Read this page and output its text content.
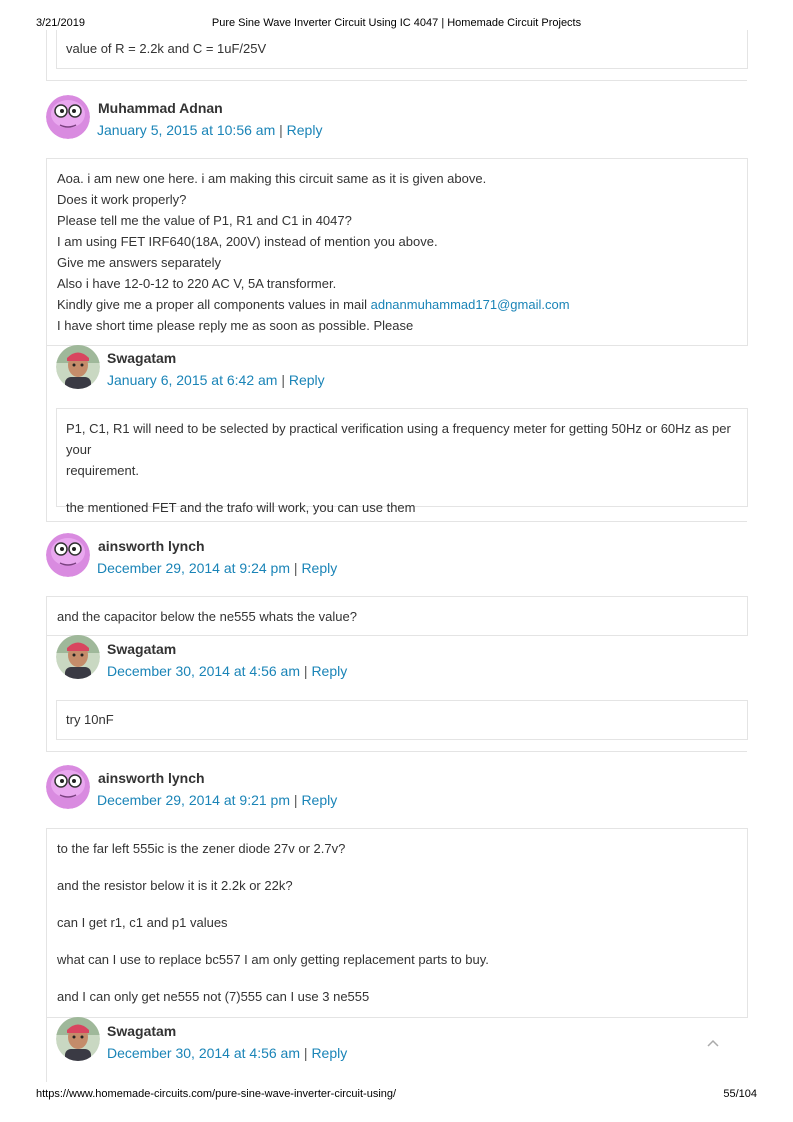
3/21/2019	Pure Sine Wave Inverter Circuit Using IC 4047 | Homemade Circuit Projects
value of R = 2.2k and C = 1uF/25V
Muhammad Adnan
January 5, 2015 at 10:56 am | Reply
Aoa. i am new one here. i am making this circuit same as it is given above.
Does it work properly?
Please tell me the value of P1, R1 and C1 in 4047?
I am using FET IRF640(18A, 200V) instead of mention you above.
Give me answers separately
Also i have 12-0-12 to 220 AC V, 5A transformer.
Kindly give me a proper all components values in mail adnanmuhammad171@gmail.com
I have short time please reply me as soon as possible. Please
Swagatam
January 6, 2015 at 6:42 am | Reply
P1, C1, R1 will need to be selected by practical verification using a frequency meter for getting 50Hz or 60Hz as per your
requirement.
the mentioned FET and the trafo will work, you can use them
ainsworth lynch
December 29, 2014 at 9:24 pm | Reply
and the capacitor below the ne555 whats the value?
Swagatam
December 30, 2014 at 4:56 am | Reply
try 10nF
ainsworth lynch
December 29, 2014 at 9:21 pm | Reply
to the far left 555ic is the zener diode 27v or 2.7v?
and the resistor below it is it 2.2k or 22k?
can I get r1, c1 and p1 values
what can I use to replace bc557 I am only getting replacement parts to buy.
and I can only get ne555 not (7)555 can I use 3 ne555
Swagatam
December 30, 2014 at 4:56 am | Reply
https://www.homemade-circuits.com/pure-sine-wave-inverter-circuit-using/	55/104
